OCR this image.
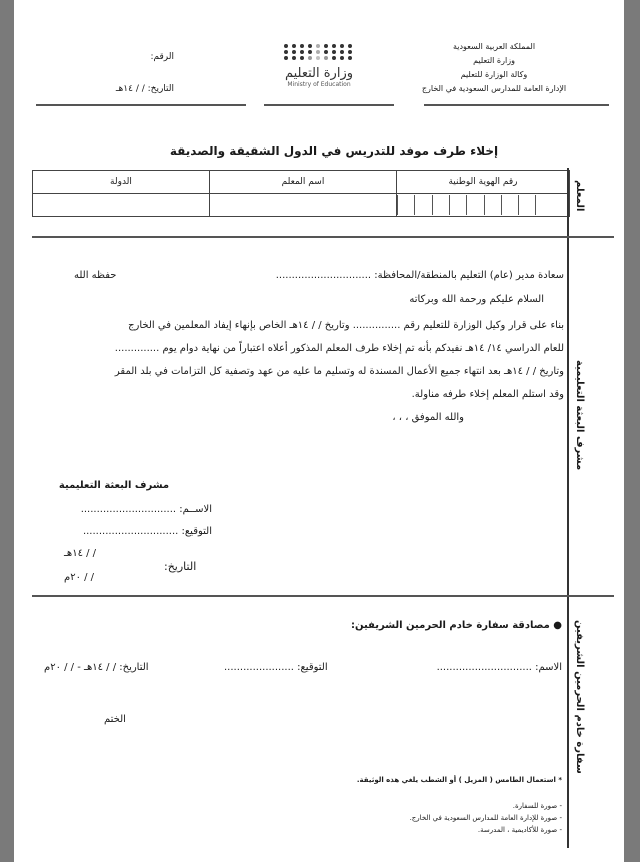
المملكة العربية السعودية
وزارة التعليم
وكالة الوزارة للتعليم
الإدارة العامة للمدارس السعودية في الخارج
وزارة التعليم
Ministry of Education
الرقم:
التاريخ: / / ١٤هـ
إخلاء طرف موفد للتدريس في الدول الشقيقة والصديقة
رقم الهوية الوطنية	اسم المعلم	الدولة

			المعلم
مشرف البعثة التعليمية
سعادة مدير (عام) التعليم بالمنطقة/المحافظة: ..............................
حفظه الله
السلام عليكم ورحمة الله وبركاته
بناء على قرار وكيل الوزارة للتعليم رقم ............... وتاريخ / / ١٤هـ الخاص بإنهاء إيفاد المعلمين في الخارج
للعام الدراسي ١٤/ ١٤هـ نفيدكم بأنه تم إخلاء طرف المعلم المذكور أعلاه اعتباراً من نهاية دوام يوم ..............
وتاريخ / / ١٤هـ بعد انتهاء جميع الأعمال المسندة له وتسليم ما عليه من عهد وتصفية كل التزامات في بلد المقر
وقد استلم المعلم إخلاء طرفه مناولة.
والله الموفق ، ، ،
مشرف البعثة التعليمية
الاســم: ..............................
التوقيع: ..............................
التاريخ:
/ / ١٤هـ
/ / ٢٠م
سفارة خادم الحرمين الشريفين
● مصادقة سفارة خادم الحرمين الشريفين:
الاسم: ..............................
التوقيع: ......................
التاريخ: / / ١٤هـ - / / ٢٠م
الختم
* استعمال الطامس ( المزيل ) أو الشطب يلغي هذه الوثيقة.
- صورة للسفارة.
- صورة للإدارة العامة للمدارس السعودية في الخارج.
- صورة للأكاديمية ، المدرسة.
